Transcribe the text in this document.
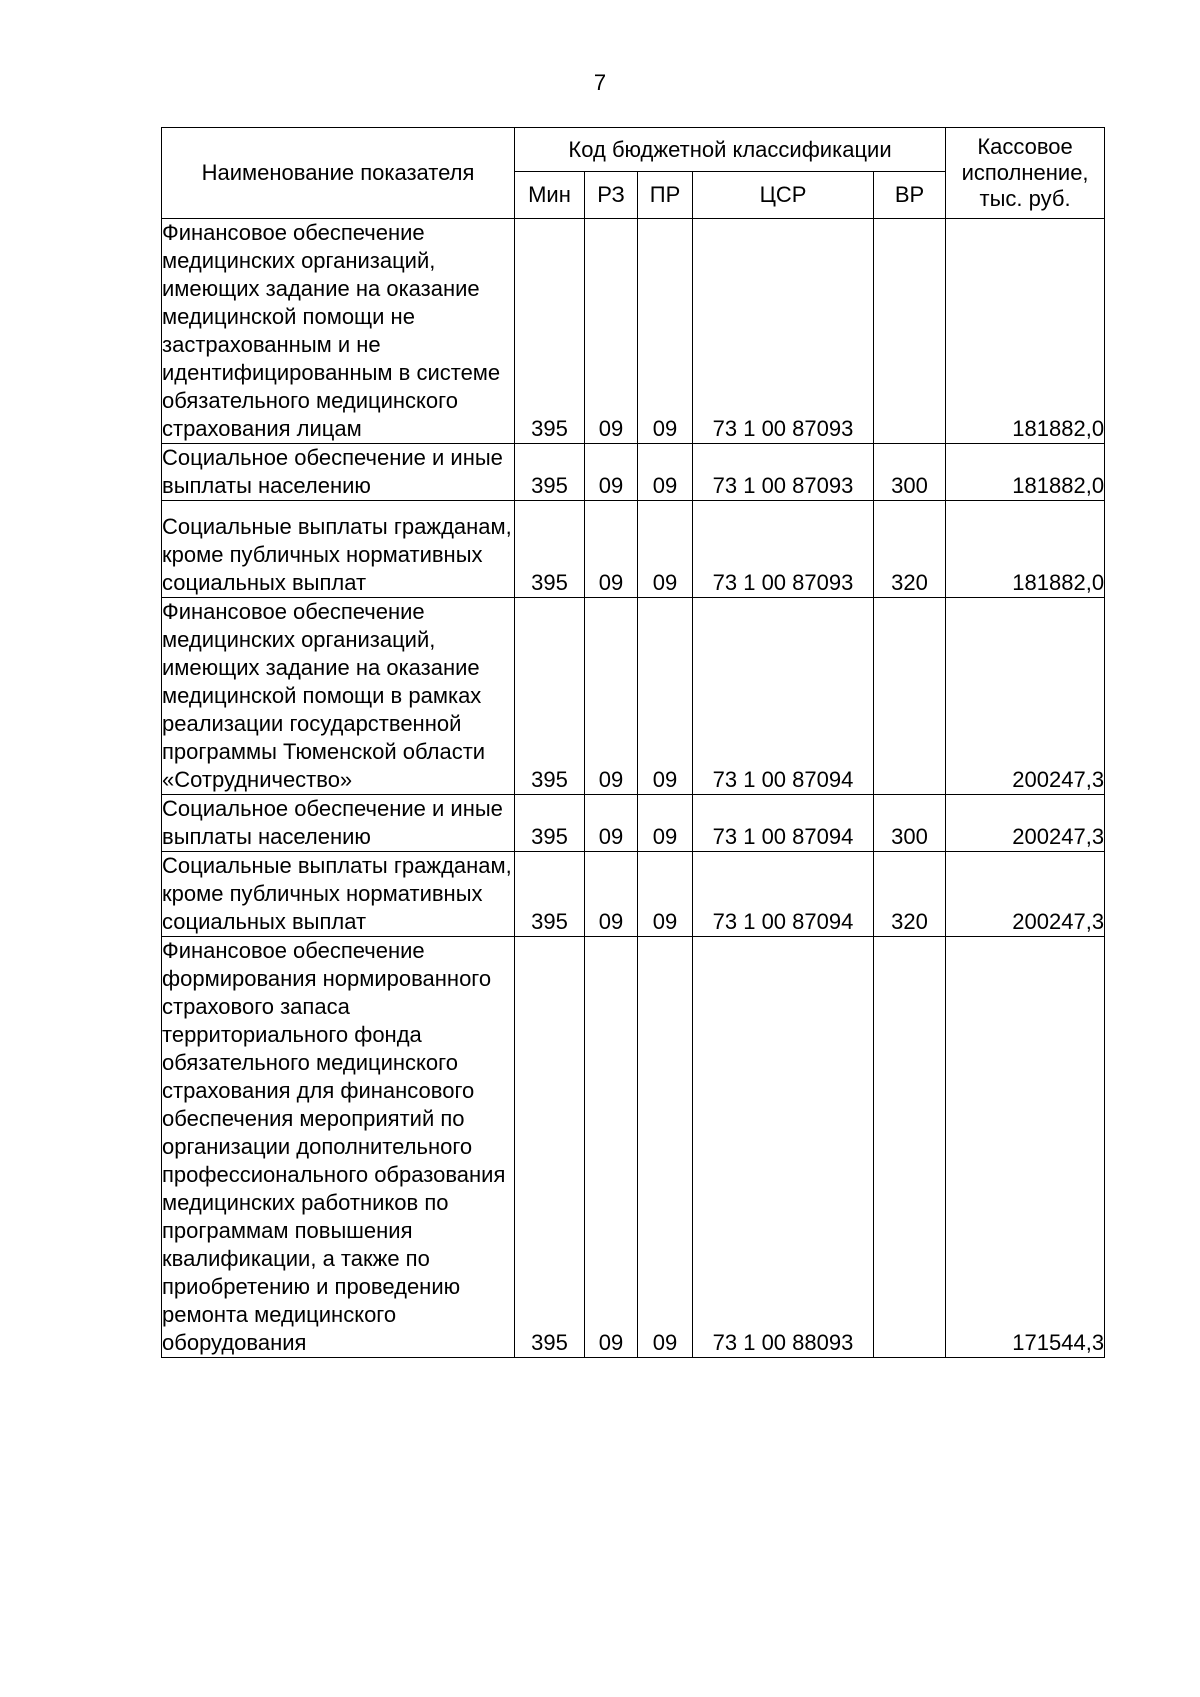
7
Наименование показателя	Код бюджетной классификации					Кассовое исполнение, тыс. руб.
	Мин	РЗ	ПР	ЦСР	ВР	
Финансовое обеспечение медицинских организаций, имеющих задание на оказание медицинской помощи не застрахованным и не идентифицированным в системе обязательного медицинского страхования лицам	395	09	09	73 1 00 87093		181882,0
Социальное обеспечение и иные выплаты населению	395	09	09	73 1 00 87093	300	181882,0
Социальные выплаты гражданам, кроме публичных нормативных социальных выплат	395	09	09	73 1 00 87093	320	181882,0
Финансовое обеспечение медицинских организаций, имеющих задание на оказание медицинской помощи в рамках реализации государственной программы Тюменской области «Сотрудничество»	395	09	09	73 1 00 87094		200247,3
Социальное обеспечение и иные выплаты населению	395	09	09	73 1 00 87094	300	200247,3
Социальные выплаты гражданам, кроме публичных нормативных социальных выплат	395	09	09	73 1 00 87094	320	200247,3
Финансовое обеспечение формирования нормированного страхового запаса территориального фонда обязательного медицинского страхования для финансового обеспечения мероприятий по организации дополнительного профессионального образования медицинских работников по программам повышения квалификации, а также по приобретению и проведению ремонта медицинского оборудования	395	09	09	73 1 00 88093		171544,3
